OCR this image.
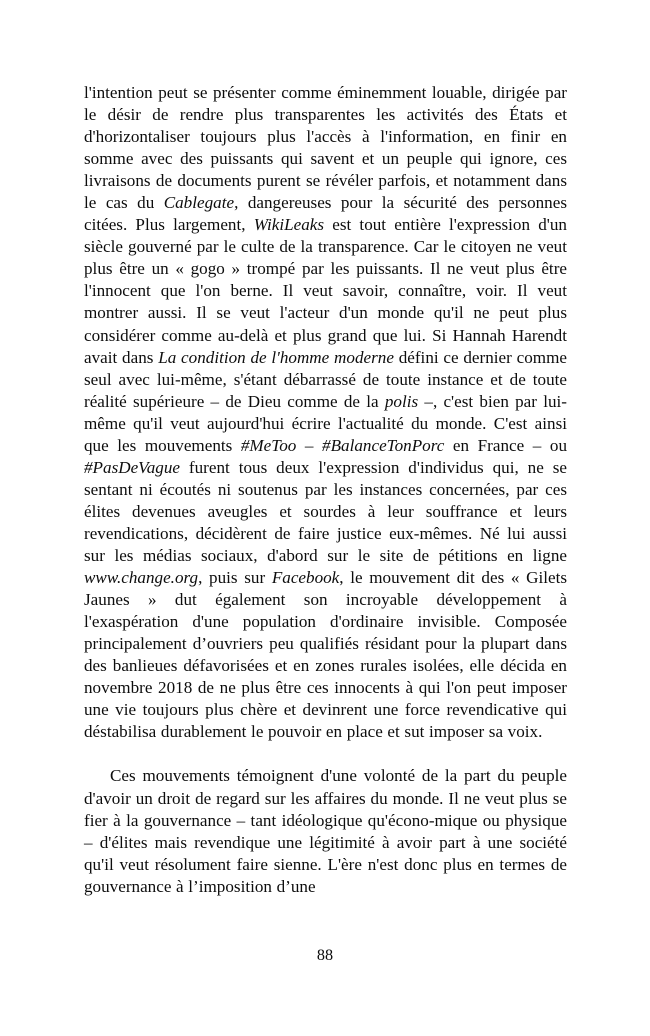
l'intention peut se présenter comme éminemment louable, dirigée par le désir de rendre plus transparentes les activités des États et d'horizontaliser toujours plus l'accès à l'information, en finir en somme avec des puissants qui savent et un peuple qui ignore, ces livraisons de documents purent se révéler parfois, et notamment dans le cas du Cablegate, dangereuses pour la sécurité des personnes citées. Plus largement, WikiLeaks est tout entière l'expression d'un siècle gouverné par le culte de la transparence. Car le citoyen ne veut plus être un « gogo » trompé par les puissants. Il ne veut plus être l'innocent que l'on berne. Il veut savoir, connaître, voir. Il veut montrer aussi. Il se veut l'acteur d'un monde qu'il ne peut plus considérer comme au-delà et plus grand que lui. Si Hannah Harendt avait dans La condition de l'homme moderne défini ce dernier comme seul avec lui-même, s'étant débarrassé de toute instance et de toute réalité supérieure – de Dieu comme de la polis –, c'est bien par lui-même qu'il veut aujourd'hui écrire l'actualité du monde. C'est ainsi que les mouvements #MeToo – #BalanceTonPorc en France – ou #PasDeVague furent tous deux l'expression d'individus qui, ne se sentant ni écoutés ni soutenus par les instances concernées, par ces élites devenues aveugles et sourdes à leur souffrance et leurs revendications, décidèrent de faire justice eux-mêmes. Né lui aussi sur les médias sociaux, d'abord sur le site de pétitions en ligne www.change.org, puis sur Facebook, le mouvement dit des « Gilets Jaunes » dut également son incroyable développement à l'exaspération d'une population d'ordinaire invisible. Composée principalement d’ouvriers peu qualifiés résidant pour la plupart dans des banlieues défavorisées et en zones rurales isolées, elle décida en novembre 2018 de ne plus être ces innocents à qui l'on peut imposer une vie toujours plus chère et devinrent une force revendicative qui déstabilisa durablement le pouvoir en place et sut imposer sa voix.

Ces mouvements témoignent d'une volonté de la part du peuple d'avoir un droit de regard sur les affaires du monde. Il ne veut plus se fier à la gouvernance – tant idéologique qu'écono-mique ou physique – d'élites mais revendique une légitimité à avoir part à une société qu'il veut résolument faire sienne. L'ère n'est donc plus en termes de gouvernance à l’imposition d’une

88
